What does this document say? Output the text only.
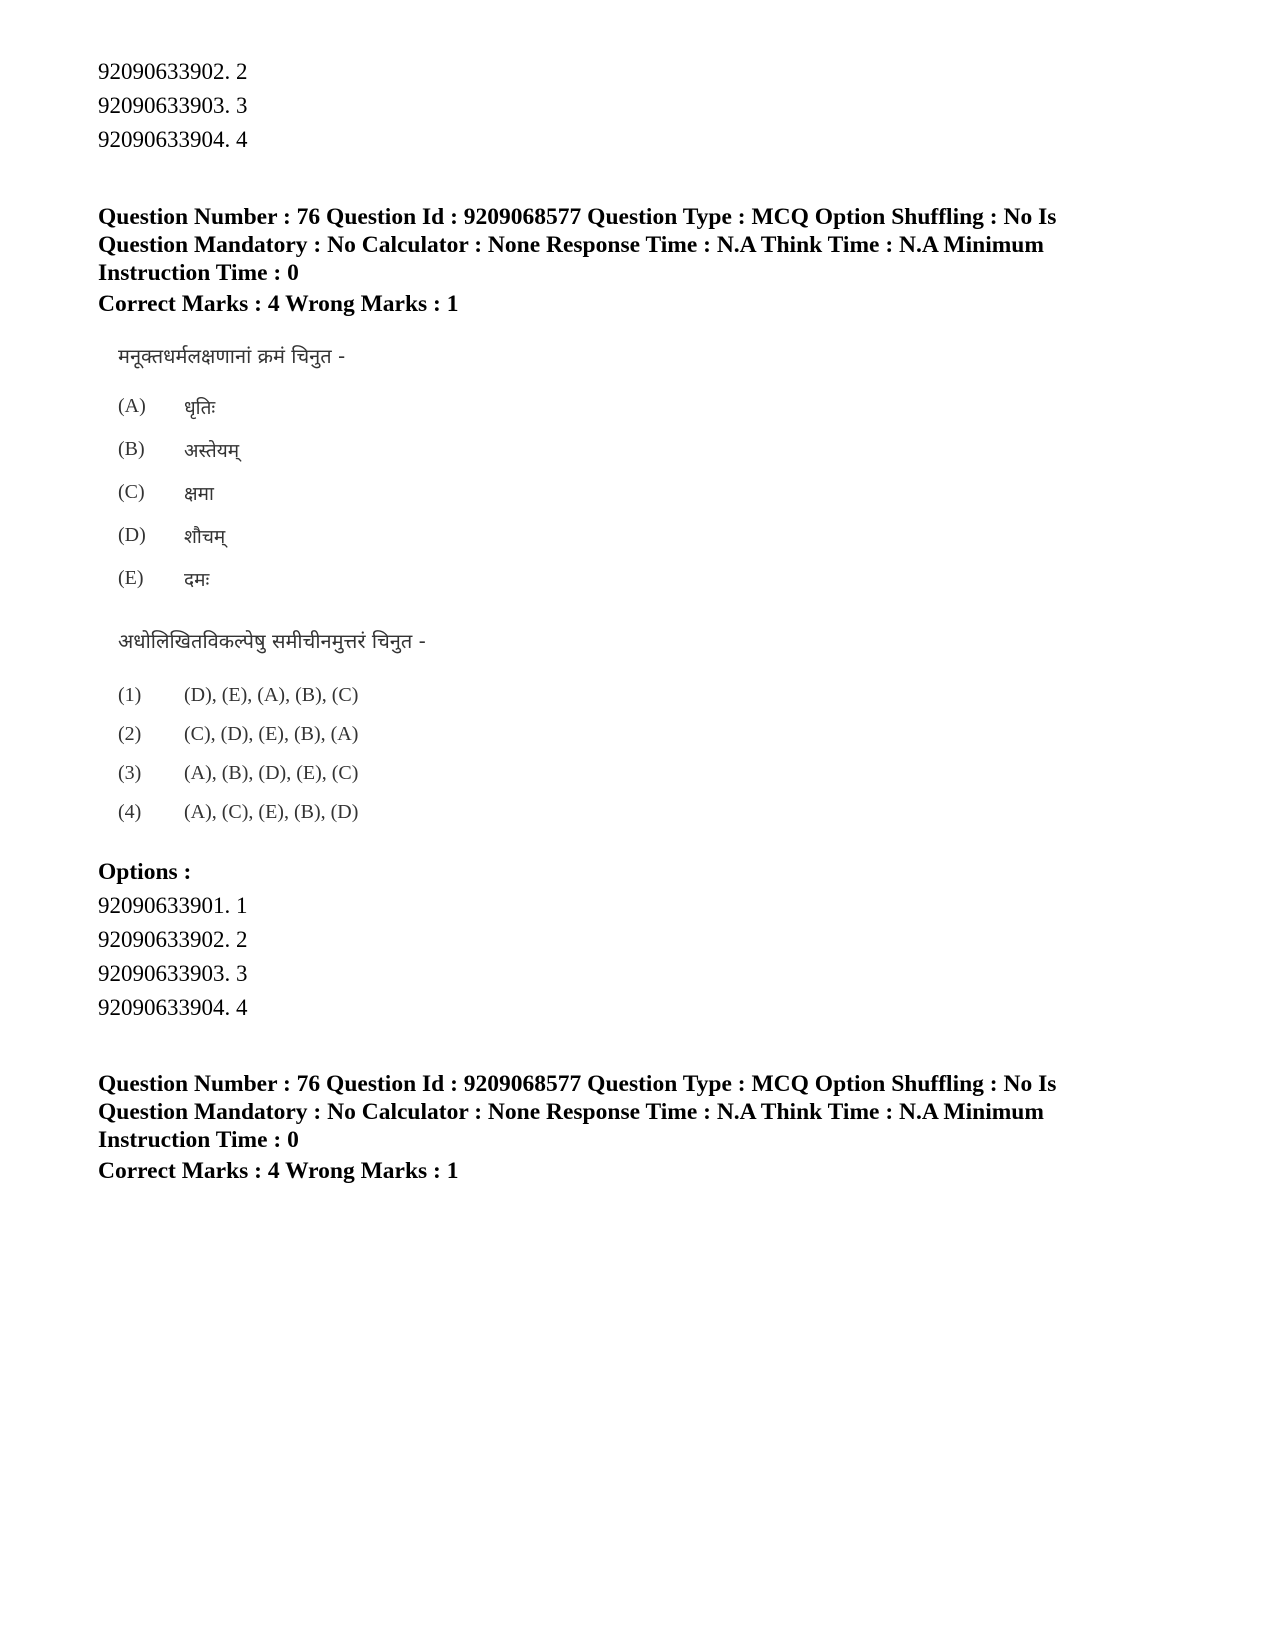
92090633902. 2
92090633903. 3
92090633904. 4
Question Number : 76 Question Id : 9209068577 Question Type : MCQ Option Shuffling : No Is
Question Mandatory : No Calculator : None Response Time : N.A Think Time : N.A Minimum
Instruction Time : 0
Correct Marks : 4 Wrong Marks : 1
मनूक्तधर्मलक्षणानां क्रमं चिनुत -
(A)	धृतिः
(B)	अस्तेयम्
(C)	क्षमा
(D)	शौचम्
(E)	दमः
अधोलिखितविकल्पेषु समीचीनमुत्तरं चिनुत -
(1)	(D), (E), (A), (B), (C)
(2)	(C), (D), (E), (B), (A)
(3)	(A), (B), (D), (E), (C)
(4)	(A), (C), (E), (B), (D)
Options :
92090633901. 1
92090633902. 2
92090633903. 3
92090633904. 4
Question Number : 76 Question Id : 9209068577 Question Type : MCQ Option Shuffling : No Is
Question Mandatory : No Calculator : None Response Time : N.A Think Time : N.A Minimum
Instruction Time : 0
Correct Marks : 4 Wrong Marks : 1
